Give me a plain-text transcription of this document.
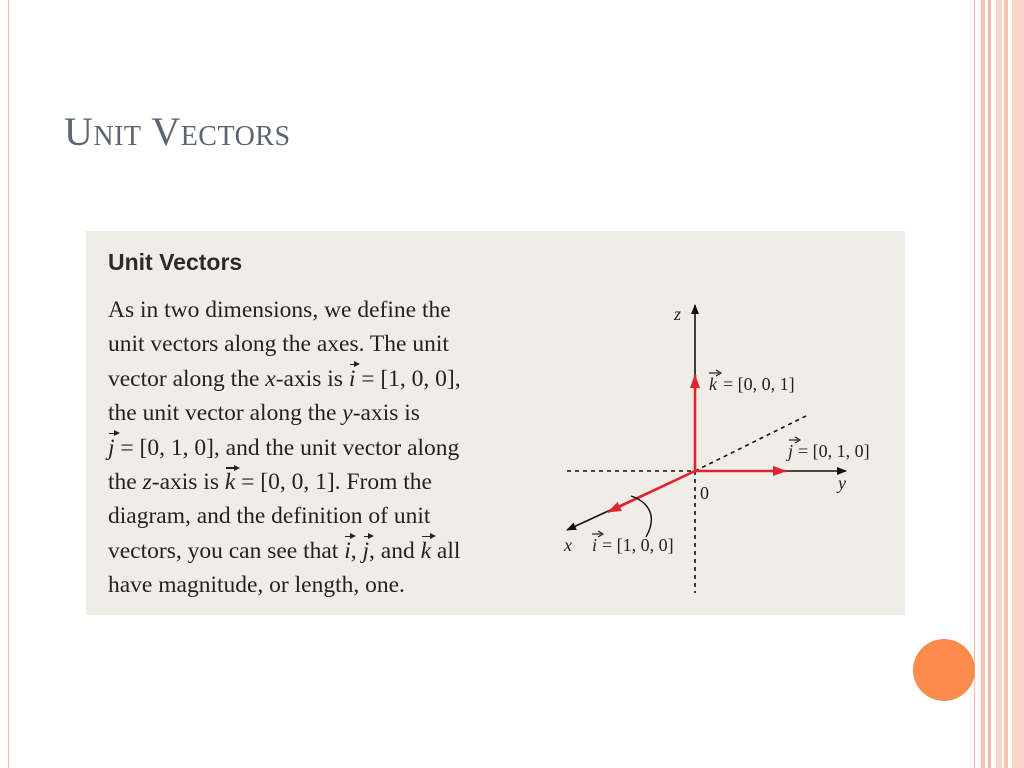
Unit Vectors
Unit Vectors
As in two dimensions, we define the
unit vectors along the axes. The unit
vector along the x-axis is i = [1, 0, 0],
the unit vector along the y-axis is
j = [0, 1, 0], and the unit vector along
the z-axis is k = [0, 0, 1]. From the
diagram, and the definition of unit
vectors, you can see that i, j, and k all
have magnitude, or length, one.
z
y
x
0
k = [0, 0, 1]
j = [0, 1, 0]
i = [1, 0, 0]
